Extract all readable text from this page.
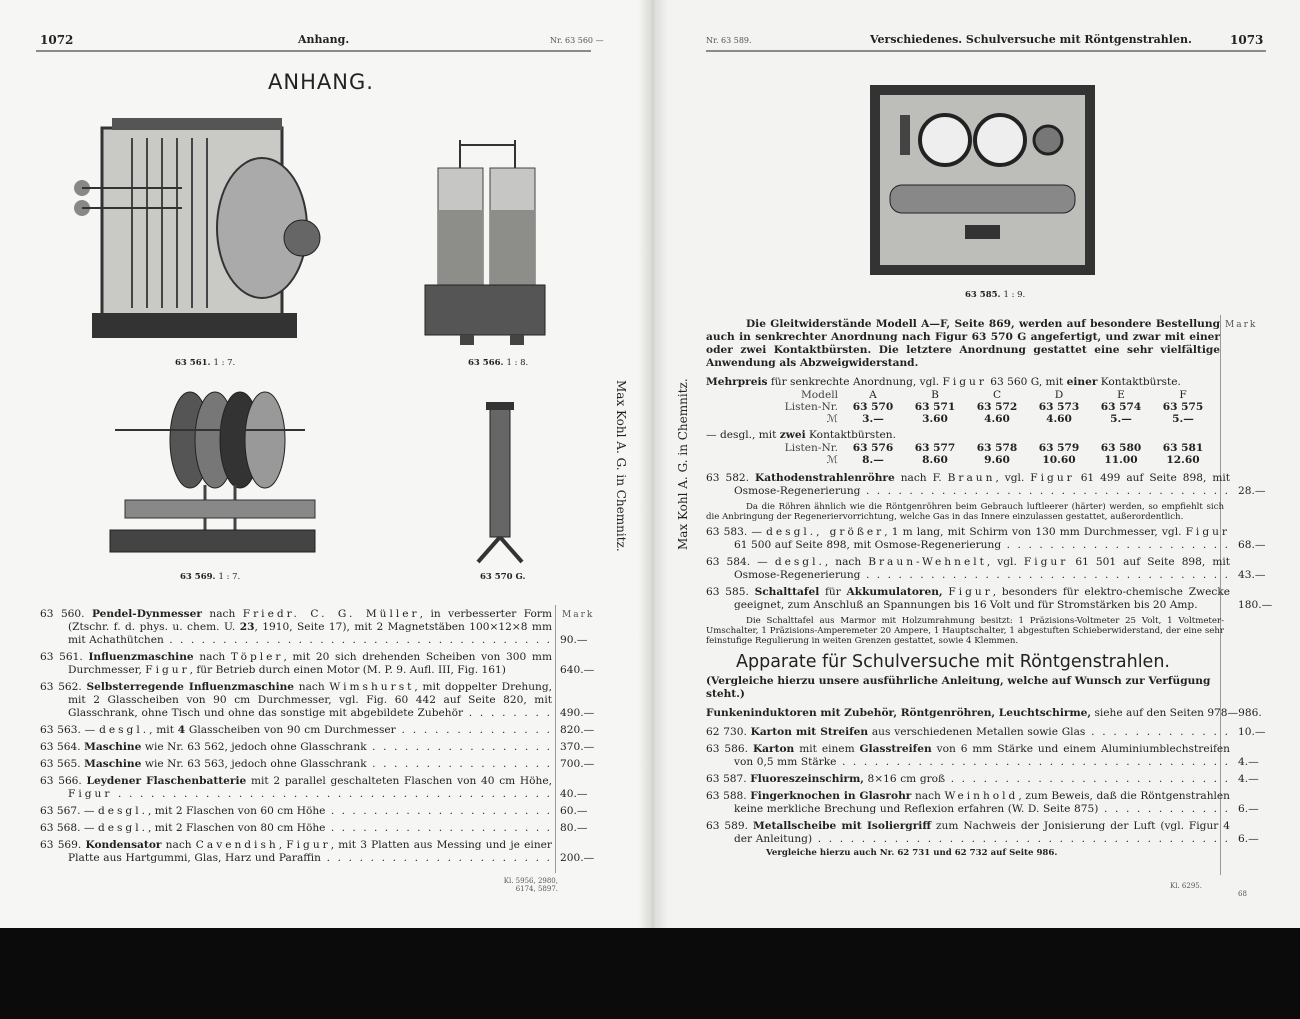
1072	Anhang.	Nr. 63 560 —
ANHANG.
63 561. 1 : 7.	63 566. 1 : 8.
63 569. 1 : 7.	63 570 G.
Mark
63 560. Pendel-Dynmesser nach Friedr. C. G. Müller, in verbesserter Form (Ztschr. f. d. phys. u. chem. U. 23, 1910, Seite 17), mit 2 Magnetstäben 100×12×8 mm mit Achathütchen . . .	90.—
63 561. Influenzmaschine nach Töpler, mit 20 sich drehenden Scheiben von 300 mm Durchmesser, Figur, für Betrieb durch einen Motor (M. P. 9. Aufl. III, Fig. 161)	640.—
63 562. Selbsterregende Influenzmaschine nach Wimshurst, mit doppelter Drehung, mit 2 Glasscheiben von 90 cm Durchmesser, vgl. Fig. 60 442 auf Seite 820, mit Glasschrank, ohne Tisch und ohne das sonstige mit abgebildete Zubehör . . .	490.—
63 563. — desgl., mit 4 Glasscheiben von 90 cm Durchmesser . . .	820.—
63 564. Maschine wie Nr. 63 562, jedoch ohne Glasschrank . . .	370.—
63 565. Maschine wie Nr. 63 563, jedoch ohne Glasschrank . . .	700.—
63 566. Leydener Flaschenbatterie mit 2 parallel geschalteten Flaschen von 40 cm Höhe, Figur . . .	40.—
63 567. — desgl., mit 2 Flaschen von 60 cm Höhe . . .	60.—
63 568. — desgl., mit 2 Flaschen von 80 cm Höhe . . .	80.—
63 569. Kondensator nach Cavendish, Figur, mit 3 Platten aus Messing und je einer Platte aus Hartgummi, Glas, Harz und Paraffin . . .	200.—
Kl. 5956, 2980,
6174, 5897.
Nr. 63 589.	Verschiedenes. Schulversuche mit Röntgenstrahlen.	1073
63 585. 1 : 9.
Mark
Die Gleitwiderstände Modell A—F, Seite 869, werden auf besondere Bestellung auch in senkrechter Anordnung nach Figur 63 570 G angefertigt, und zwar mit einer oder zwei Kontaktbürsten. Die letztere Anordnung gestattet eine sehr vielfältige Anwendung als Abzweigwiderstand.
Mehrpreis für senkrechte Anordnung, vgl. Figur 63 560 G, mit einer Kontaktbürste.
Modell	A	B	C	D	E	F
Listen-Nr.	63 570	63 571	63 572	63 573	63 574	63 575
ℳ	3.—	3.60	4.60	4.60	5.—	5.—
— desgl., mit zwei Kontaktbürsten.
Listen-Nr.	63 576	63 577	63 578	63 579	63 580	63 581
ℳ	8.—	8.60	9.60	10.60	11.00	12.60
63 582. Kathodenstrahlenröhre nach F. Braun, vgl. Figur 61 499 auf Seite 898, mit Osmose-Regenerierung . . .	28.—
Da die Röhren ähnlich wie die Röntgenröhren beim Gebrauch luftleerer (härter) werden, so empfiehlt sich die Anbringung der Regeneriervorrichtung, welche Gas in das Innere einzulassen gestattet, außerordentlich.
63 583. — desgl., größer, 1 m lang, mit Schirm von 130 mm Durchmesser, vgl. Figur 61 500 auf Seite 898, mit Osmose-Regenerierung . . .	68.—
63 584. — desgl., nach Braun-Wehnelt, vgl. Figur 61 501 auf Seite 898, mit Osmose-Regenerierung . . .	43.—
63 585. Schalttafel für Akkumulatoren, Figur, besonders für elektro-chemische Zwecke geeignet, zum Anschluß an Spannungen bis 16 Volt und für Stromstärken bis 20 Amp.	180.—
Die Schalttafel aus Marmor mit Holzumrahmung besitzt: 1 Präzisions-Voltmeter 25 Volt, 1 Voltmeter-Umschalter, 1 Präzisions-Amperemeter 20 Ampere, 1 Hauptschalter, 1 abgestuften Schieberwiderstand, der eine sehr feinstufige Regulierung in weiten Grenzen gestattet, sowie 4 Klemmen.
Apparate für Schulversuche mit Röntgenstrahlen.
(Vergleiche hierzu unsere ausführliche Anleitung, welche auf Wunsch zur Verfügung steht.)
Funkeninduktoren mit Zubehör, Röntgenröhren, Leuchtschirme, siehe auf den Seiten 978—986.
62 730. Karton mit Streifen aus verschiedenen Metallen sowie Glas . . .	10.—
63 586. Karton mit einem Glasstreifen von 6 mm Stärke und einem Aluminiumblechstreifen von 0,5 mm Stärke . . .	4.—
63 587. Fluoreszeinschirm, 8×16 cm groß . . .	4.—
63 588. Fingerknochen in Glasrohr nach Weinhold, zum Beweis, daß die Röntgenstrahlen keine merkliche Brechung und Reflexion erfahren (W. D. Seite 875) . . .	6.—
63 589. Metallscheibe mit Isoliergriff zum Nachweis der Jonisierung der Luft (vgl. Figur 4 der Anleitung) . . .	6.—
Vergleiche hierzu auch Nr. 62 731 und 62 732 auf Seite 986.
Kl. 6295.
68
Max Kohl A. G. in Chemnitz.	Max Kohl A. G. in Chemnitz.
